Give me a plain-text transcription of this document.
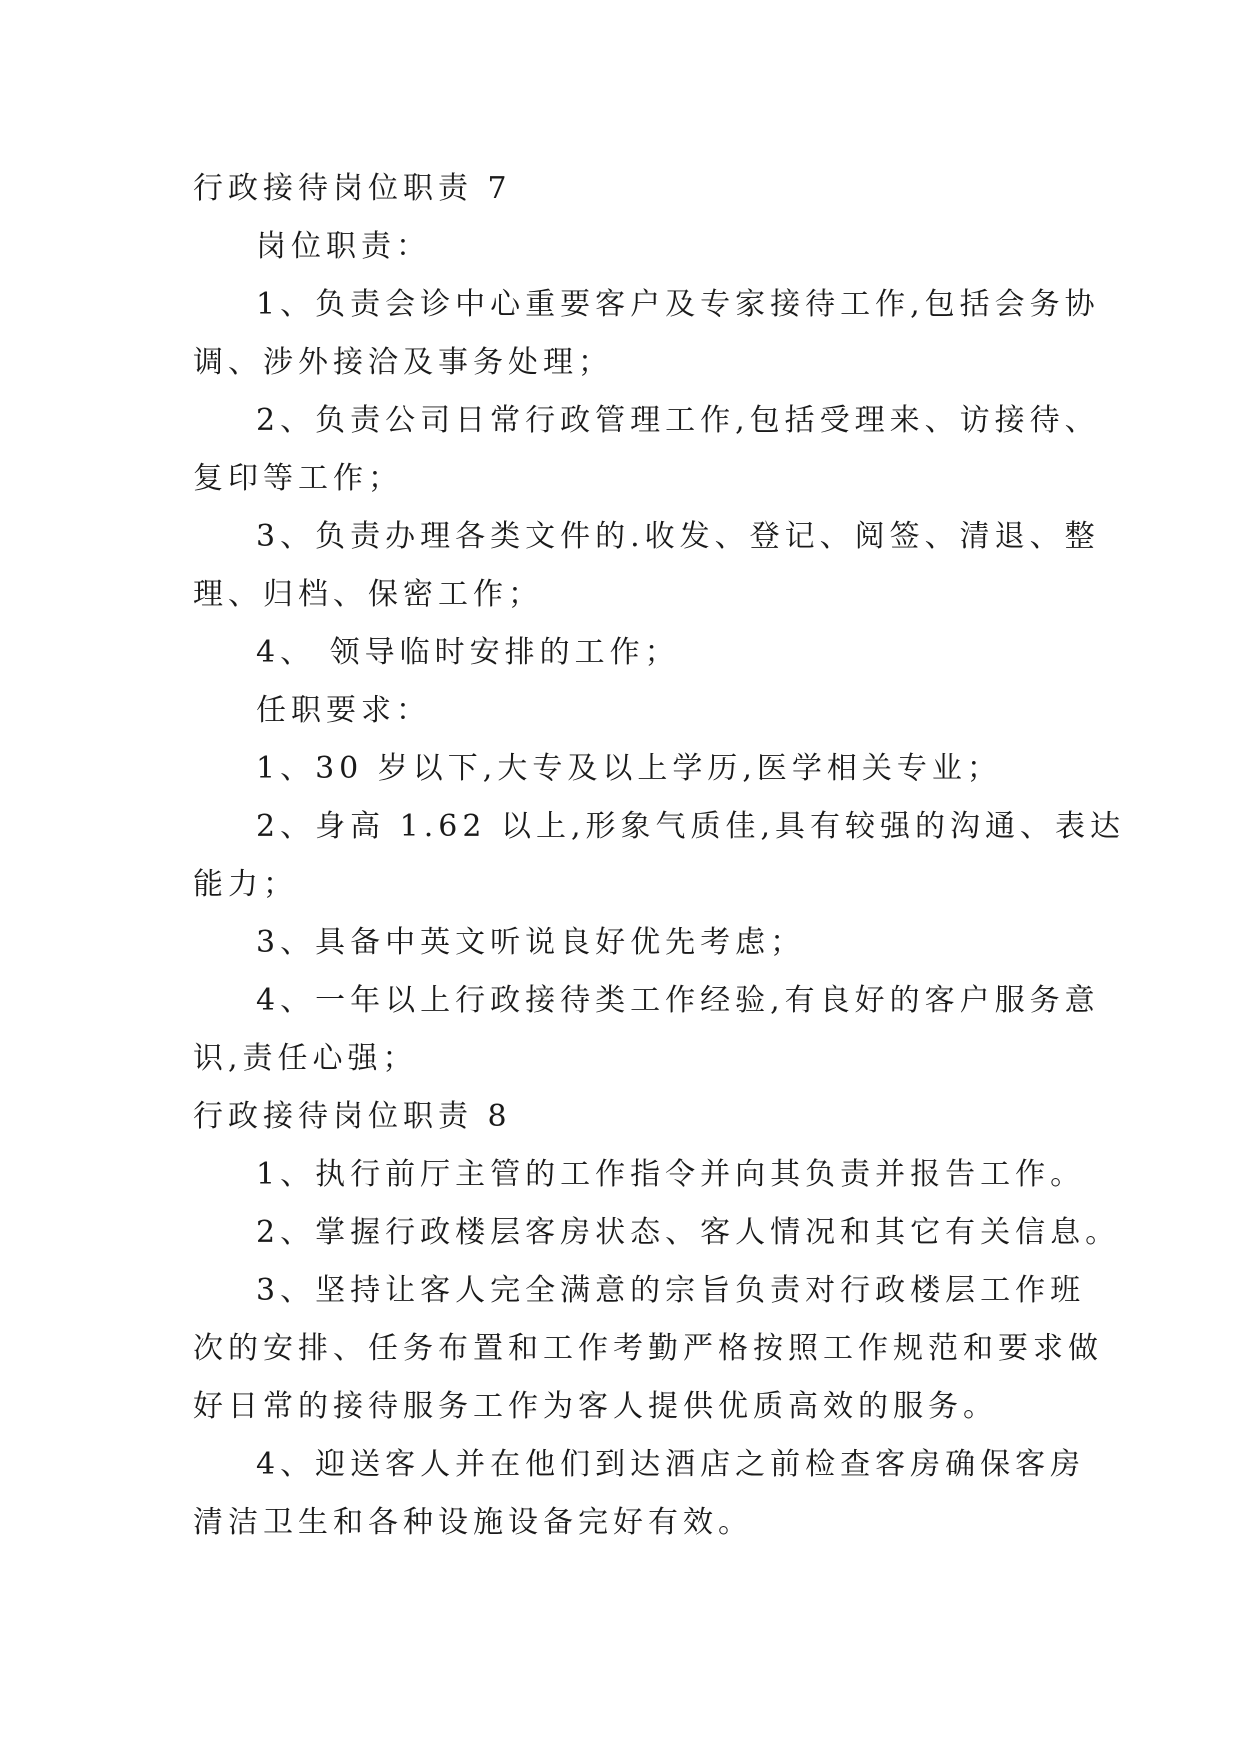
行政接待岗位职责 7
岗位职责：
1、负责会诊中心重要客户及专家接待工作,包括会务协
调、涉外接洽及事务处理；
2、负责公司日常行政管理工作,包括受理来、访接待、
复印等工作；
3、负责办理各类文件的.收发、登记、阅签、清退、整
理、归档、保密工作；
4、 领导临时安排的工作；
任职要求：
1、30 岁以下,大专及以上学历,医学相关专业；
2、身高 1.62 以上,形象气质佳,具有较强的沟通、表达
能力；
3、具备中英文听说良好优先考虑；
4、一年以上行政接待类工作经验,有良好的客户服务意
识,责任心强；
行政接待岗位职责 8
1、执行前厅主管的工作指令并向其负责并报告工作。
2、掌握行政楼层客房状态、客人情况和其它有关信息。
3、坚持让客人完全满意的宗旨负责对行政楼层工作班
次的安排、任务布置和工作考勤严格按照工作规范和要求做
好日常的接待服务工作为客人提供优质高效的服务。
4、迎送客人并在他们到达酒店之前检查客房确保客房
清洁卫生和各种设施设备完好有效。
